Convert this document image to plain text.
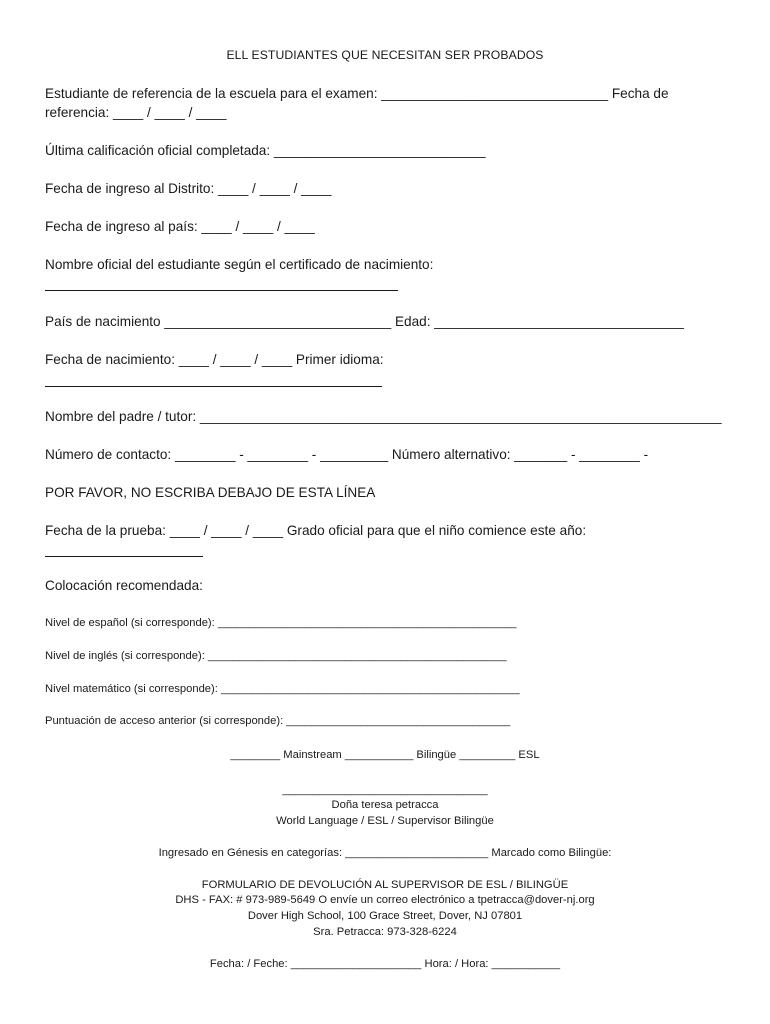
ELL ESTUDIANTES QUE NECESITAN SER PROBADOS
Estudiante de referencia de la escuela para el examen: ______________________________ Fecha de
referencia: ____ / ____ / ____
Última calificación oficial completada: ____________________________
Fecha de ingreso al Distrito: ____ / ____ / ____
Fecha de ingreso al país: ____ / ____ / ____
Nombre oficial del estudiante según el certificado de nacimiento:
País de nacimiento ______________________________ Edad: _________________________________
Fecha de nacimiento: ____ / ____ / ____ Primer idioma:
Nombre del padre / tutor: _____________________________________________________________________
Número de contacto: ________ - ________ - _________ Número alternativo: _______ - ________ -
POR FAVOR, NO ESCRIBA DEBAJO DE ESTA LÍNEA
Fecha de la prueba: ____ / ____ / ____ Grado oficial para que el niño comience este año:
Colocación recomendada:
Nivel de español (si corresponde): ________________________________________________
Nivel de inglés (si corresponde): ________________________________________________
Nivel matemático (si corresponde): ________________________________________________
Puntuación de acceso anterior (si corresponde): ____________________________________
________ Mainstream ___________ Bilingüe _________ ESL
_________________________________
Doña teresa petracca
World Language / ESL / Supervisor Bilingüe
Ingresado en Génesis en categorías: _______________________ Marcado como Bilingüe:
FORMULARIO DE DEVOLUCIÓN AL SUPERVISOR DE ESL / BILINGÜE
DHS - FAX: # 973-989-5649 O envíe un correo electrónico a tpetracca@dover-nj.org
Dover High School, 100 Grace Street, Dover, NJ 07801
Sra. Petracca: 973-328-6224
Fecha: / Feche: _____________________ Hora: / Hora: ___________
